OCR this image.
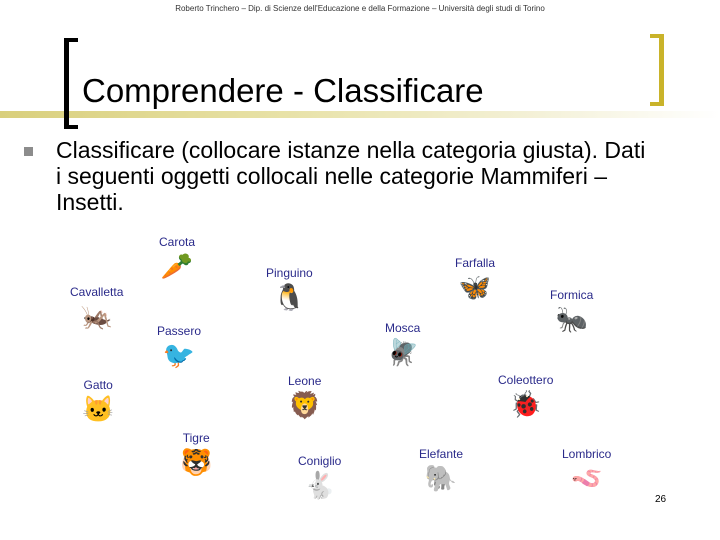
Roberto Trinchero – Dip. di Scienze dell'Educazione e della Formazione – Università degli studi di Torino
Comprendere - Classificare
Classificare (collocare istanze nella categoria giusta). Dati i seguenti oggetti collocali nelle categorie Mammiferi – Insetti.
Carota
🥕
Cavalletta
🦗
Pinguino
🐧
Farfalla
🦋	Formica
🐜
Passero
🐦
Mosca
🪰
Gatto
🐱
Leone
🦁
Coleottero
🐞
Tigre
🐯	Coniglio
🐇
Elefante
🐘
Lombrico
🪱
26
